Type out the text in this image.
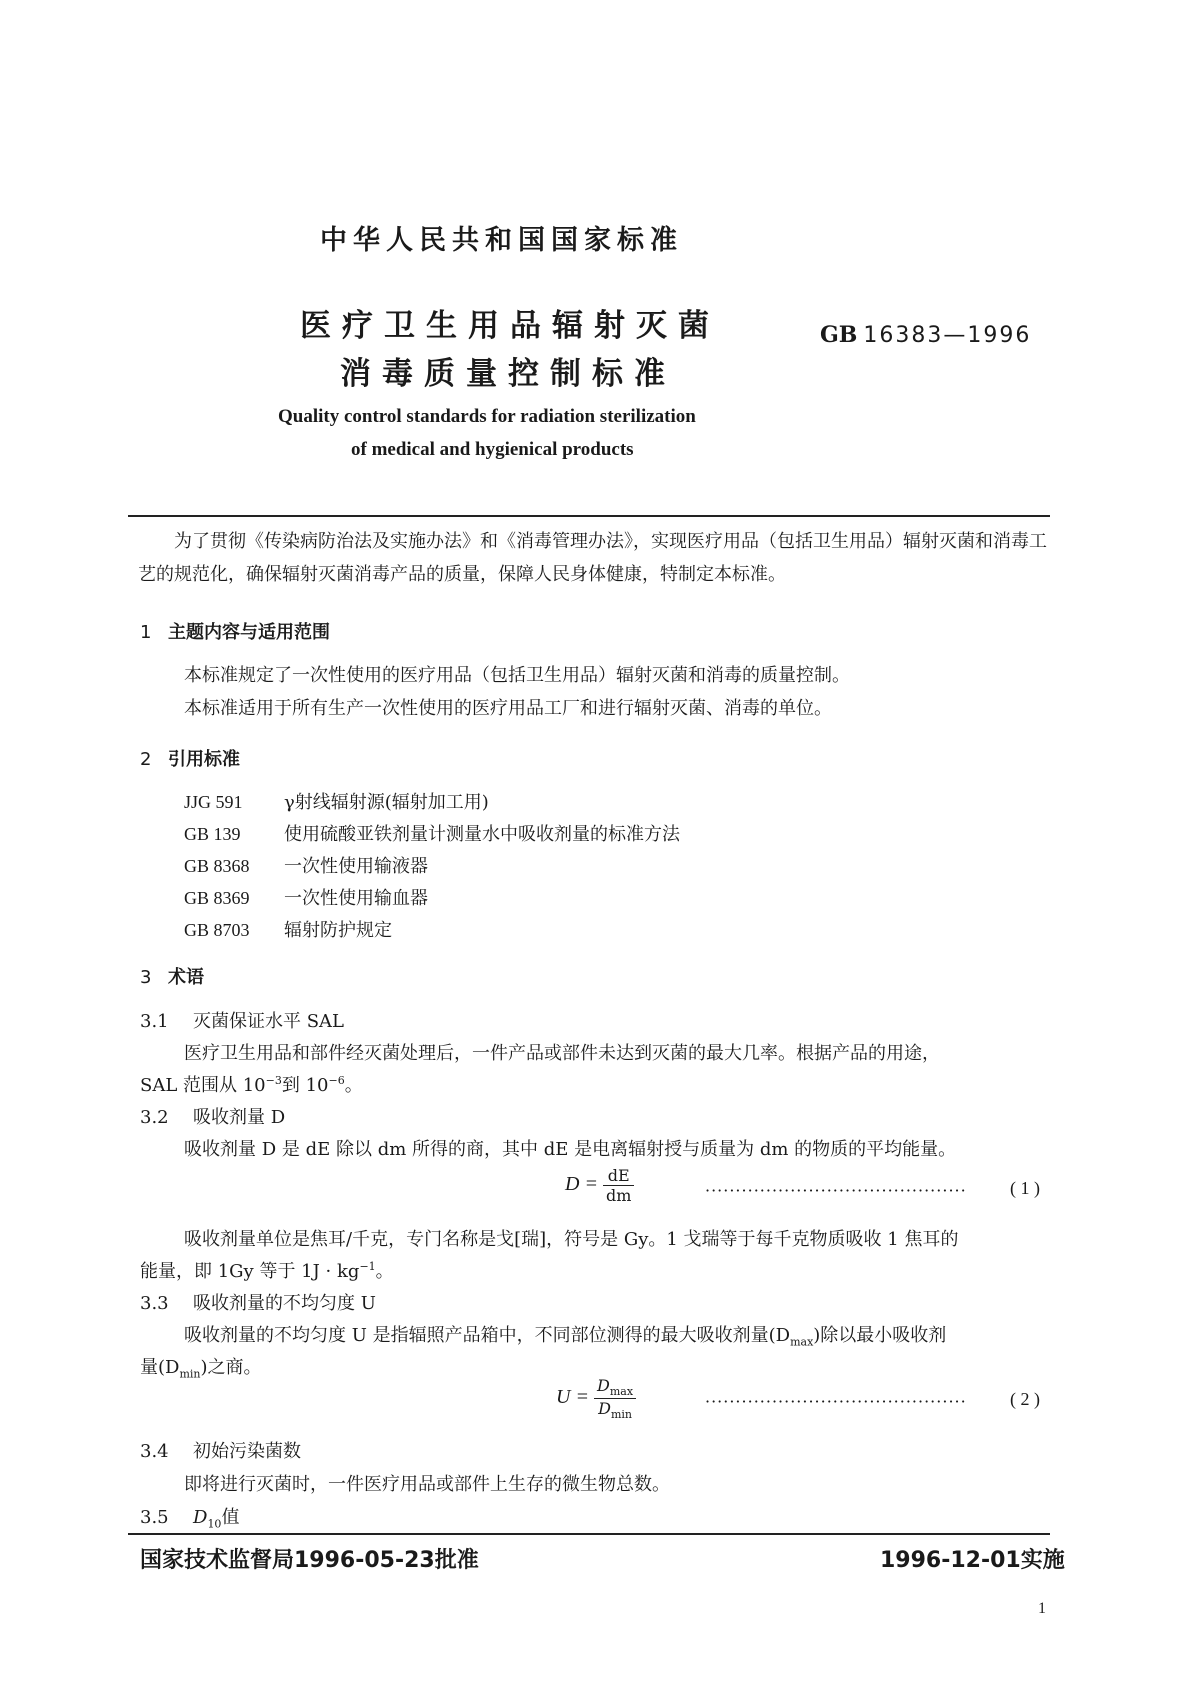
中华人民共和国国家标准
医疗卫生用品辐射灭菌
消毒质量控制标准
GB 16383—1996
Quality control standards for radiation sterilization
of medical and hygienical products
为了贯彻《传染病防治法及实施办法》和《消毒管理办法》，实现医疗用品（包括卫生用品）辐射灭菌和消毒工艺的规范化，确保辐射灭菌消毒产品的质量，保障人民身体健康，特制定本标准。
1 主题内容与适用范围
本标准规定了一次性使用的医疗用品（包括卫生用品）辐射灭菌和消毒的质量控制。
本标准适用于所有生产一次性使用的医疗用品工厂和进行辐射灭菌、消毒的单位。
2 引用标准
JJG 591 γ射线辐射源(辐射加工用)
GB 139 使用硫酸亚铁剂量计测量水中吸收剂量的标准方法
GB 8368 一次性使用输液器
GB 8369 一次性使用输血器
GB 8703 辐射防护规定
3 术语
3.1 灭菌保证水平 SAL
医疗卫生用品和部件经灭菌处理后，一件产品或部件未达到灭菌的最大几率。根据产品的用途，
SAL 范围从 $10^{-3}$到 $10^{-6}$。
3.2 吸收剂量 D
吸收剂量 D 是 dE 除以 dm 所得的商，其中 dE 是电离辐射授与质量为 dm 的物质的平均能量。
$D = \frac{dE}{dm}$	··········································· ( 1 )
吸收剂量单位是焦耳/千克，专门名称是戈[瑞]，符号是 Gy。1 戈瑞等于每千克物质吸收 1 焦耳的
能量，即 1Gy 等于 $1J \cdot kg^{-1}$。
3.3 吸收剂量的不均匀度 U
吸收剂量的不均匀度 U 是指辐照产品箱中，不同部位测得的最大吸收剂量$(D_{max})$除以最小吸收剂
量$(D_{min})$之商。
$U = \frac{D_{max}}{D_{min}}$	··········································· ( 2 )
3.4 初始污染菌数
即将进行灭菌时，一件医疗用品或部件上生存的微生物总数。
3.5 $D_{10}$值
国家技术监督局1996-05-23批准	1996-12-01实施
1
